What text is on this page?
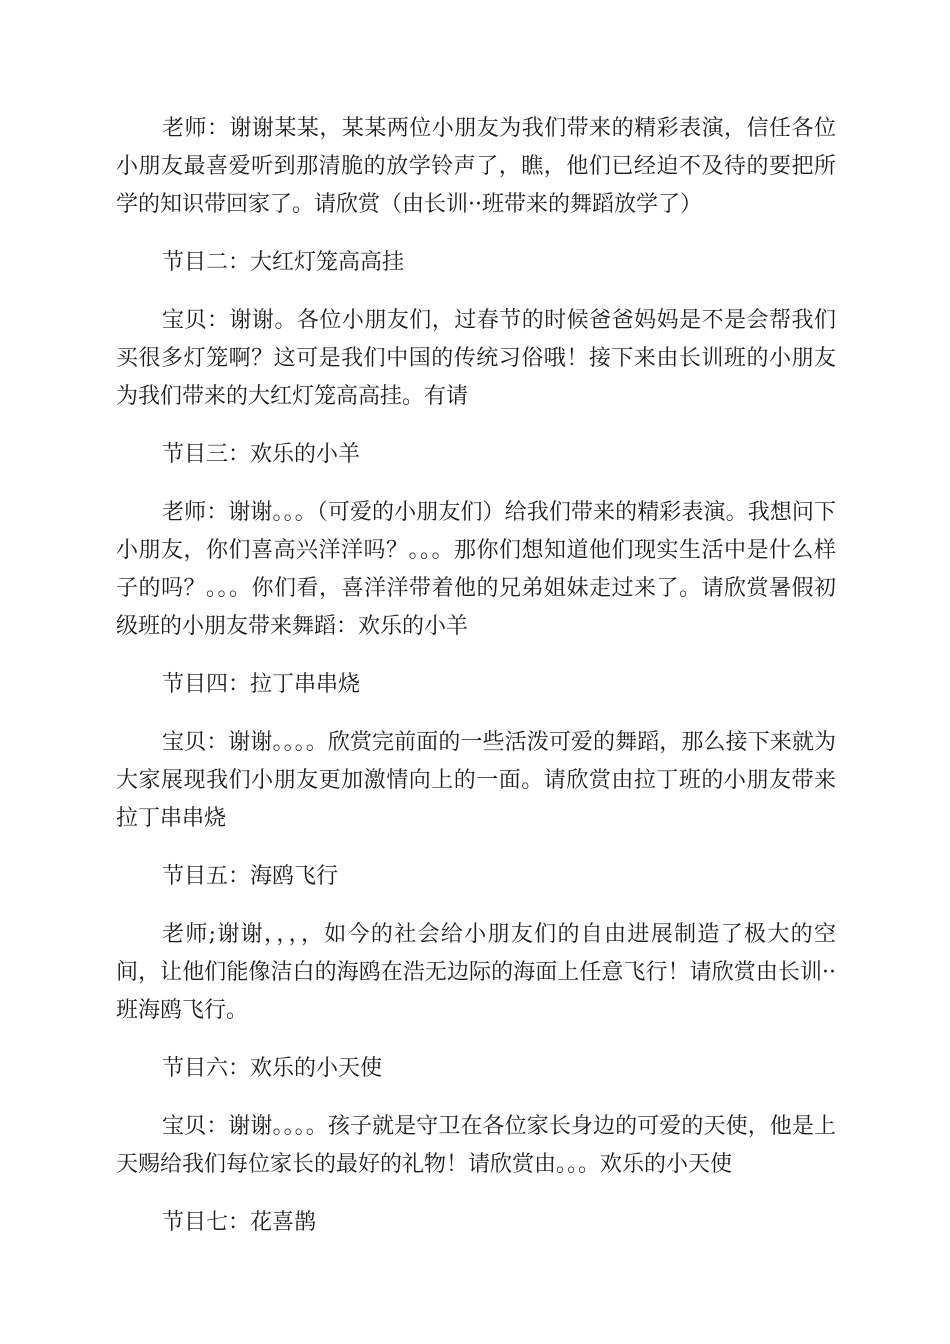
老师：谢谢某某，某某两位小朋友为我们带来的精彩表演，信任各位小朋友最喜爱听到那清脆的放学铃声了，瞧，他们已经迫不及待的要把所学的知识带回家了。请欣赏（由长训··班带来的舞蹈放学了）

节目二：大红灯笼高高挂

宝贝：谢谢。各位小朋友们，过春节的时候爸爸妈妈是不是会帮我们买很多灯笼啊？这可是我们中国的传统习俗哦！接下来由长训班的小朋友为我们带来的大红灯笼高高挂。有请

节目三：欢乐的小羊

老师：谢谢。。。（可爱的小朋友们）给我们带来的精彩表演。我想问下小朋友，你们喜高兴洋洋吗？。。。那你们想知道他们现实生活中是什么样子的吗？。。。你们看，喜洋洋带着他的兄弟姐妹走过来了。请欣赏暑假初级班的小朋友带来舞蹈：欢乐的小羊

节目四：拉丁串串烧

宝贝：谢谢。。。。欣赏完前面的一些活泼可爱的舞蹈，那么接下来就为大家展现我们小朋友更加激情向上的一面。请欣赏由拉丁班的小朋友带来拉丁串串烧

节目五：海鸥飞行

老师;谢谢，，，，如今的社会给小朋友们的自由进展制造了极大的空间，让他们能像洁白的海鸥在浩无边际的海面上任意飞行！请欣赏由长训··班海鸥飞行。

节目六：欢乐的小天使

宝贝：谢谢。。。。孩子就是守卫在各位家长身边的可爱的天使，他是上天赐给我们每位家长的最好的礼物！请欣赏由。。。欢乐的小天使

节目七：花喜鹊
